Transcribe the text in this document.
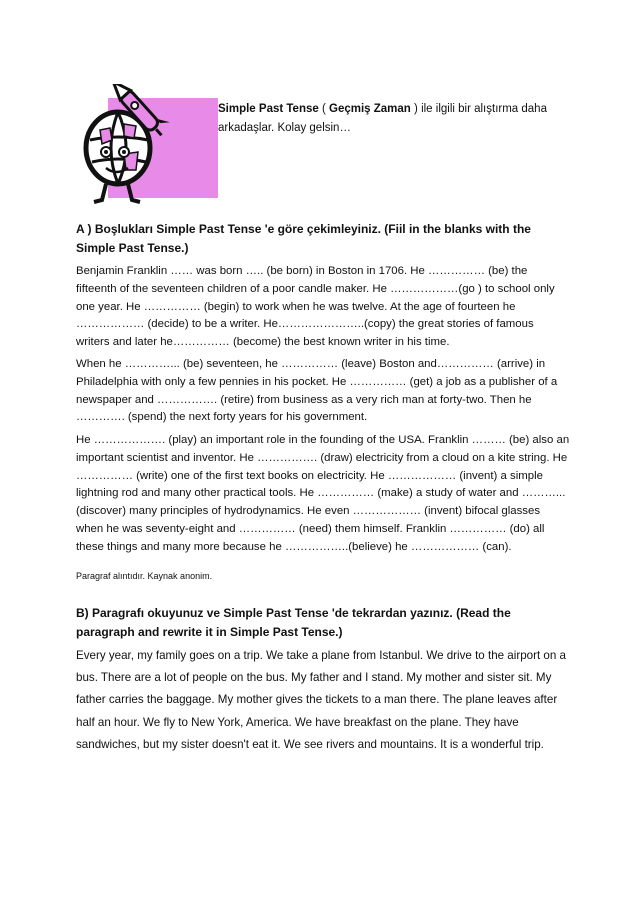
Simple Past Tense ( Geçmiş Zaman ) ile ilgili bir alıştırma daha arkadaşlar. Kolay gelsin…

A ) Boşlukları Simple Past Tense 'e göre çekimleyiniz. (Fiil in the blanks with the Simple Past Tense.)

Benjamin Franklin …… was born ….. (be born) in Boston in 1706. He …………… (be) the fifteenth of the seventeen children of a poor candle maker. He ………………(go ) to school only one year. He …………… (begin) to work when he was twelve. At the age of fourteen he ……………… (decide) to be a writer. He…………………..(copy) the great stories of famous writers and later he…………… (become) the best known writer in his time.

When he …………... (be) seventeen, he …………… (leave) Boston and…………… (arrive) in Philadelphia with only a few pennies in his pocket. He …………… (get) a job as a publisher of a newspaper and ……………. (retire) from business as a very rich man at forty-two. Then he …………. (spend) the next forty years for his government.

He ………………. (play) an important role in the founding of the USA. Franklin ……… (be) also an important scientist and inventor. He ……………. (draw) electricity from a cloud on a kite string. He …………… (write) one of the first text books on electricity. He ……………… (invent) a simple lightning rod and many other practical tools. He …………… (make) a study of water and ………...(discover) many principles of hydrodynamics. He even ……………… (invent) bifocal glasses when he was seventy-eight and …………… (need) them himself. Franklin …………… (do) all these things and many more because he ……………..(believe) he ……………… (can).

Paragraf alıntıdır. Kaynak anonim.

B) Paragrafı okuyunuz ve Simple Past Tense 'de tekrardan yazınız. (Read the paragraph and rewrite it in Simple Past Tense.)

Every year, my family goes on a trip. We take a plane from Istanbul. We drive to the airport on a bus. There are a lot of people on the bus. My father and I stand. My mother and sister sit. My father carries the baggage. My mother gives the tickets to a man there. The plane leaves after half an hour. We fly to New York, America. We have breakfast on the plane. They have sandwiches, but my sister doesn't eat it. We see rivers and mountains. It is a wonderful trip.
